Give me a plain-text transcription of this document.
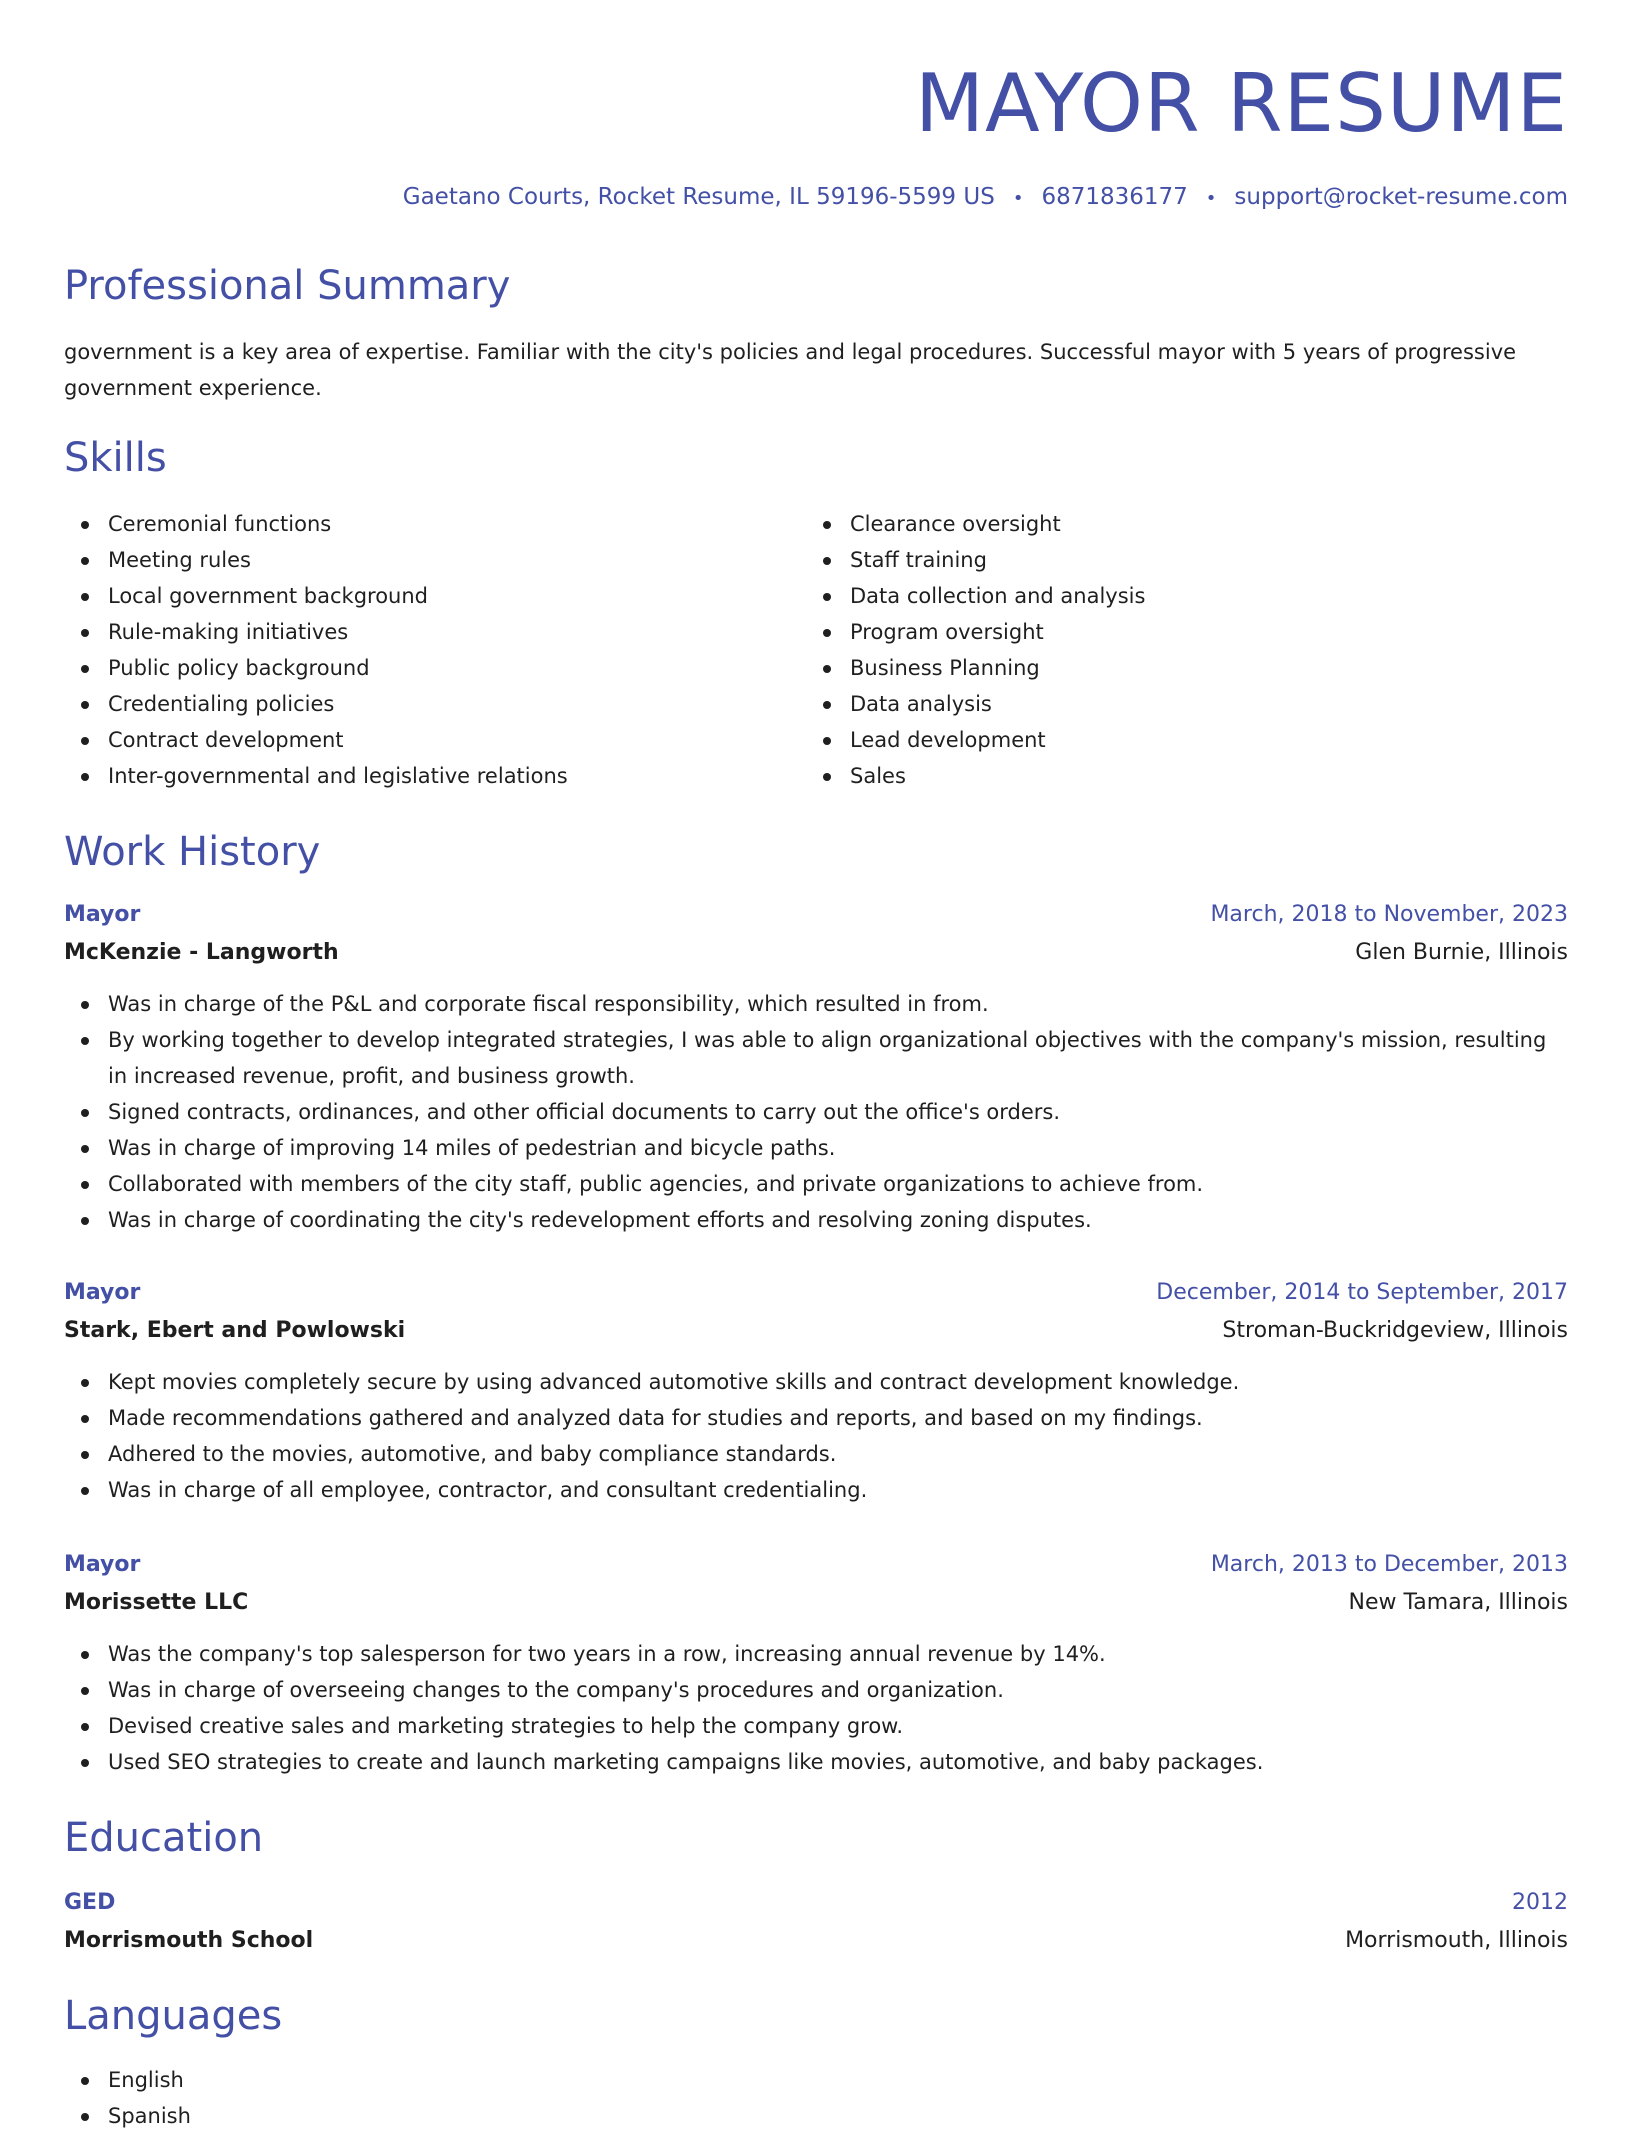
MAYOR RESUME
Gaetano Courts, Rocket Resume, IL 59196-5599 US • 6871836177 • support@rocket-resume.com
Professional Summary

government is a key area of expertise. Familiar with the city's policies and legal procedures. Successful mayor with 5 years of progressive government experience.

Skills
Ceremonial functions
Meeting rules
Local government background
Rule-making initiatives
Public policy background
Credentialing policies
Contract development
Inter-governmental and legislative relations
Clearance oversight
Staff training
Data collection and analysis
Program oversight
Business Planning
Data analysis
Lead development
Sales
Work History
Mayor	March, 2018 to November, 2023
McKenzie - Langworth	Glen Burnie, Illinois
Was in charge of the P&L and corporate fiscal responsibility, which resulted in from.
By working together to develop integrated strategies, I was able to align organizational objectives with the company's mission, resulting in increased revenue, profit, and business growth.
Signed contracts, ordinances, and other official documents to carry out the office's orders.
Was in charge of improving 14 miles of pedestrian and bicycle paths.
Collaborated with members of the city staff, public agencies, and private organizations to achieve from.
Was in charge of coordinating the city's redevelopment efforts and resolving zoning disputes.
Mayor	December, 2014 to September, 2017
Stark, Ebert and Powlowski	Stroman-Buckridgeview, Illinois
Kept movies completely secure by using advanced automotive skills and contract development knowledge.
Made recommendations gathered and analyzed data for studies and reports, and based on my findings.
Adhered to the movies, automotive, and baby compliance standards.
Was in charge of all employee, contractor, and consultant credentialing.
Mayor	March, 2013 to December, 2013
Morissette LLC	New Tamara, Illinois
Was the company's top salesperson for two years in a row, increasing annual revenue by 14%.
Was in charge of overseeing changes to the company's procedures and organization.
Devised creative sales and marketing strategies to help the company grow.
Used SEO strategies to create and launch marketing campaigns like movies, automotive, and baby packages.
Education
GED	2012
Morrismouth School	Morrismouth, Illinois
Languages
English
Spanish
